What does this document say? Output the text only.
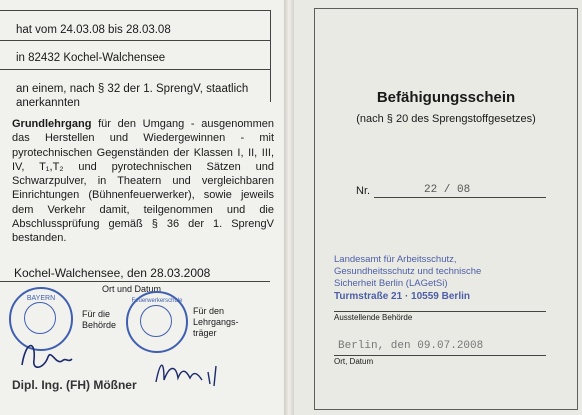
hat vom 24.03.08 bis 28.03.08
in 82432 Kochel-Walchensee
an einem, nach § 32 der 1. SprengV, staatlich
anerkannten
Grundlehrgang für den Umgang - ausgenommen das Herstellen und Wiedergewinnen - mit pyrotechnischen Gegenständen der Klassen I, II, III, IV, T₁,T₂ und pyrotechnischen Sätzen und Schwarzpulver, in Theatern und vergleichbaren Einrichtungen (Bühnenfeuerwerker), sowie jeweils dem Verkehr damit, teilgenommen und die Abschlussprüfung gemäß § 36 der 1. SprengV bestanden.
Kochel-Walchensee, den 28.03.2008
Ort und Datum
BAYERN
Für die
Behörde
Feuerwerkerschule
Für den
Lehrgangs-
träger
Dipl. Ing. (FH) Mößner
Befähigungsschein
(nach § 20 des Sprengstoffgesetzes)
Nr.	22 / 08
Landesamt für Arbeitsschutz,
Gesundheitsschutz und technische
Sicherheit Berlin (LAGetSi)
Turmstraße 21 · 10559 Berlin
Ausstellende Behörde
Berlin, den 09.07.2008
Ort, Datum
